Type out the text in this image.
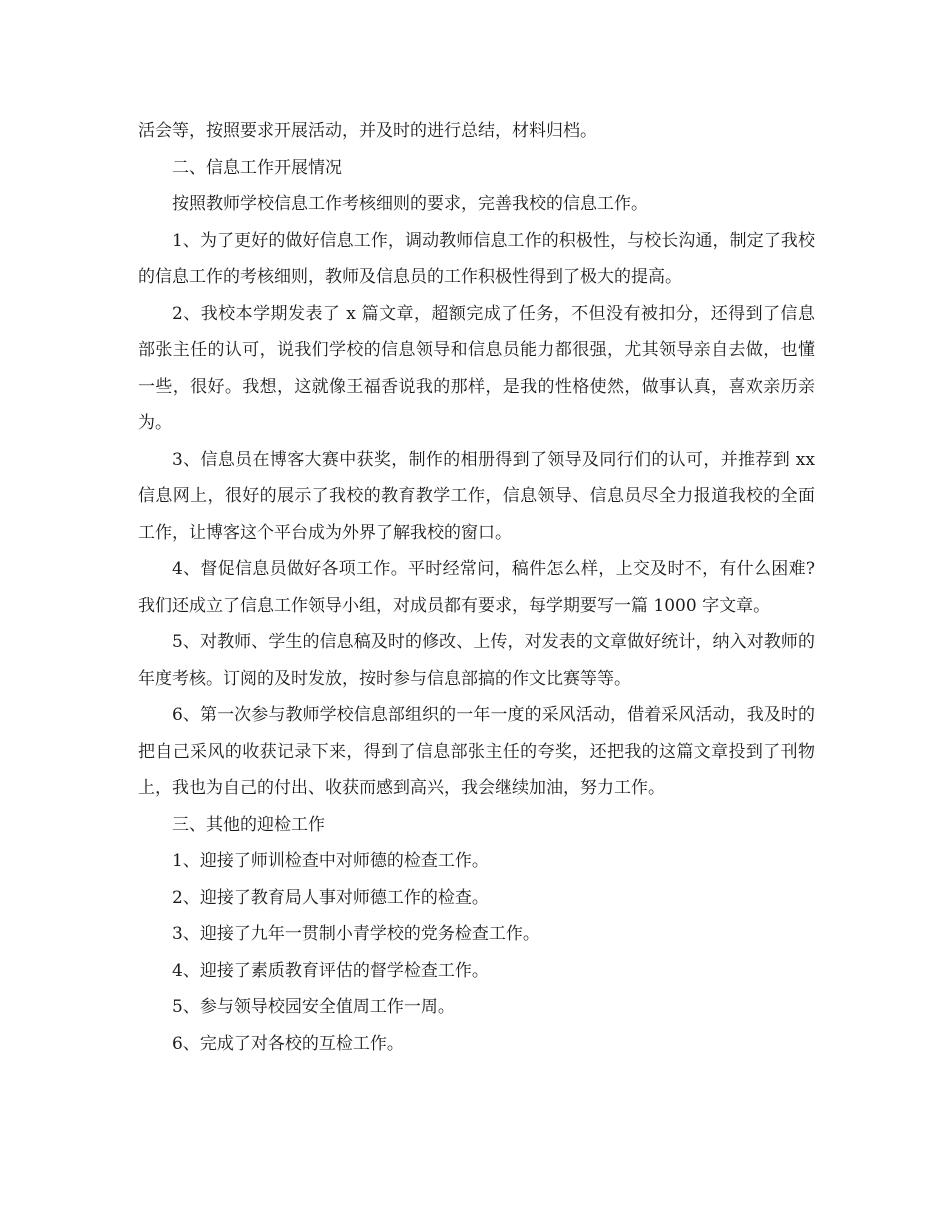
活会等，按照要求开展活动，并及时的进行总结，材料归档。

二、信息工作开展情况

按照教师学校信息工作考核细则的要求，完善我校的信息工作。

1、为了更好的做好信息工作，调动教师信息工作的积极性，与校长沟通，制定了我校的信息工作的考核细则，教师及信息员的工作积极性得到了极大的提高。

2、我校本学期发表了 x 篇文章，超额完成了任务，不但没有被扣分，还得到了信息部张主任的认可，说我们学校的信息领导和信息员能力都很强，尤其领导亲自去做，也懂一些，很好。我想，这就像王福香说我的那样，是我的性格使然，做事认真，喜欢亲历亲为。

3、信息员在博客大赛中获奖，制作的相册得到了领导及同行们的认可，并推荐到 xx 信息网上，很好的展示了我校的教育教学工作，信息领导、信息员尽全力报道我校的全面工作，让博客这个平台成为外界了解我校的窗口。

4、督促信息员做好各项工作。平时经常问，稿件怎么样，上交及时不，有什么困难?我们还成立了信息工作领导小组，对成员都有要求，每学期要写一篇 1000 字文章。

5、对教师、学生的信息稿及时的修改、上传，对发表的文章做好统计，纳入对教师的年度考核。订阅的及时发放，按时参与信息部搞的作文比赛等等。

6、第一次参与教师学校信息部组织的一年一度的采风活动，借着采风活动，我及时的把自己采风的收获记录下来，得到了信息部张主任的夸奖，还把我的这篇文章投到了刊物上，我也为自己的付出、收获而感到高兴，我会继续加油，努力工作。

三、其他的迎检工作

1、迎接了师训检查中对师德的检查工作。

2、迎接了教育局人事对师德工作的检查。

3、迎接了九年一贯制小青学校的党务检查工作。

4、迎接了素质教育评估的督学检查工作。

5、参与领导校园安全值周工作一周。

6、完成了对各校的互检工作。
